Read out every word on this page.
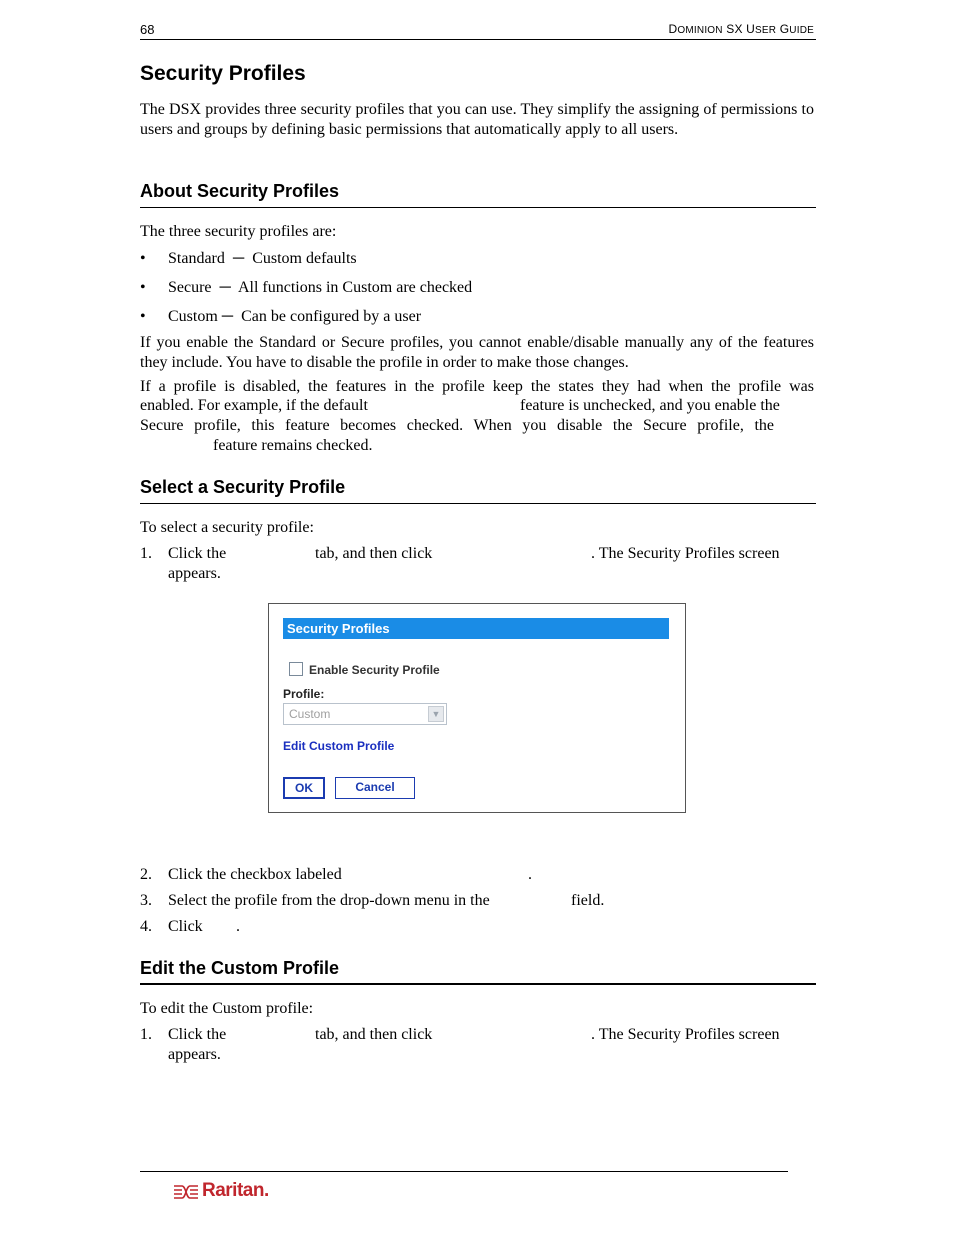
68	DOMINION SX USER GUIDE
Security Profiles

The DSX provides three security profiles that you can use. They simplify the assigning of permissions to users and groups by defining basic permissions that automatically apply to all users.

About Security Profiles

The three security profiles are:

• Standard  ─  Custom defaults
• Secure  ─  All functions in Custom are checked
• Custom ─  Can be configured by a user

If you enable the Standard or Secure profiles, you cannot enable/disable manually any of the features they include. You have to disable the profile in order to make those changes.

If a profile is disabled, the features in the profile keep the states they had when the profile was
enabled. For example, if the default	feature is unchecked, and you enable the
Secure profile, this feature becomes checked. When you disable the Secure profile, the
feature remains checked.
Select a Security Profile

To select a security profile:

1. Click the	tab, and then click	. The Security Profiles screen
appears.
Security Profiles
Enable Security Profile
Profile:
Custom	▼
Edit Custom Profile
OK	Cancel
2. Click the checkbox labeled	.
3. Select the profile from the drop-down menu in the	field.
4. Click .
Edit the Custom Profile

To edit the Custom profile:

1. Click the	tab, and then click	. The Security Profiles screen
appears.
Raritan.
